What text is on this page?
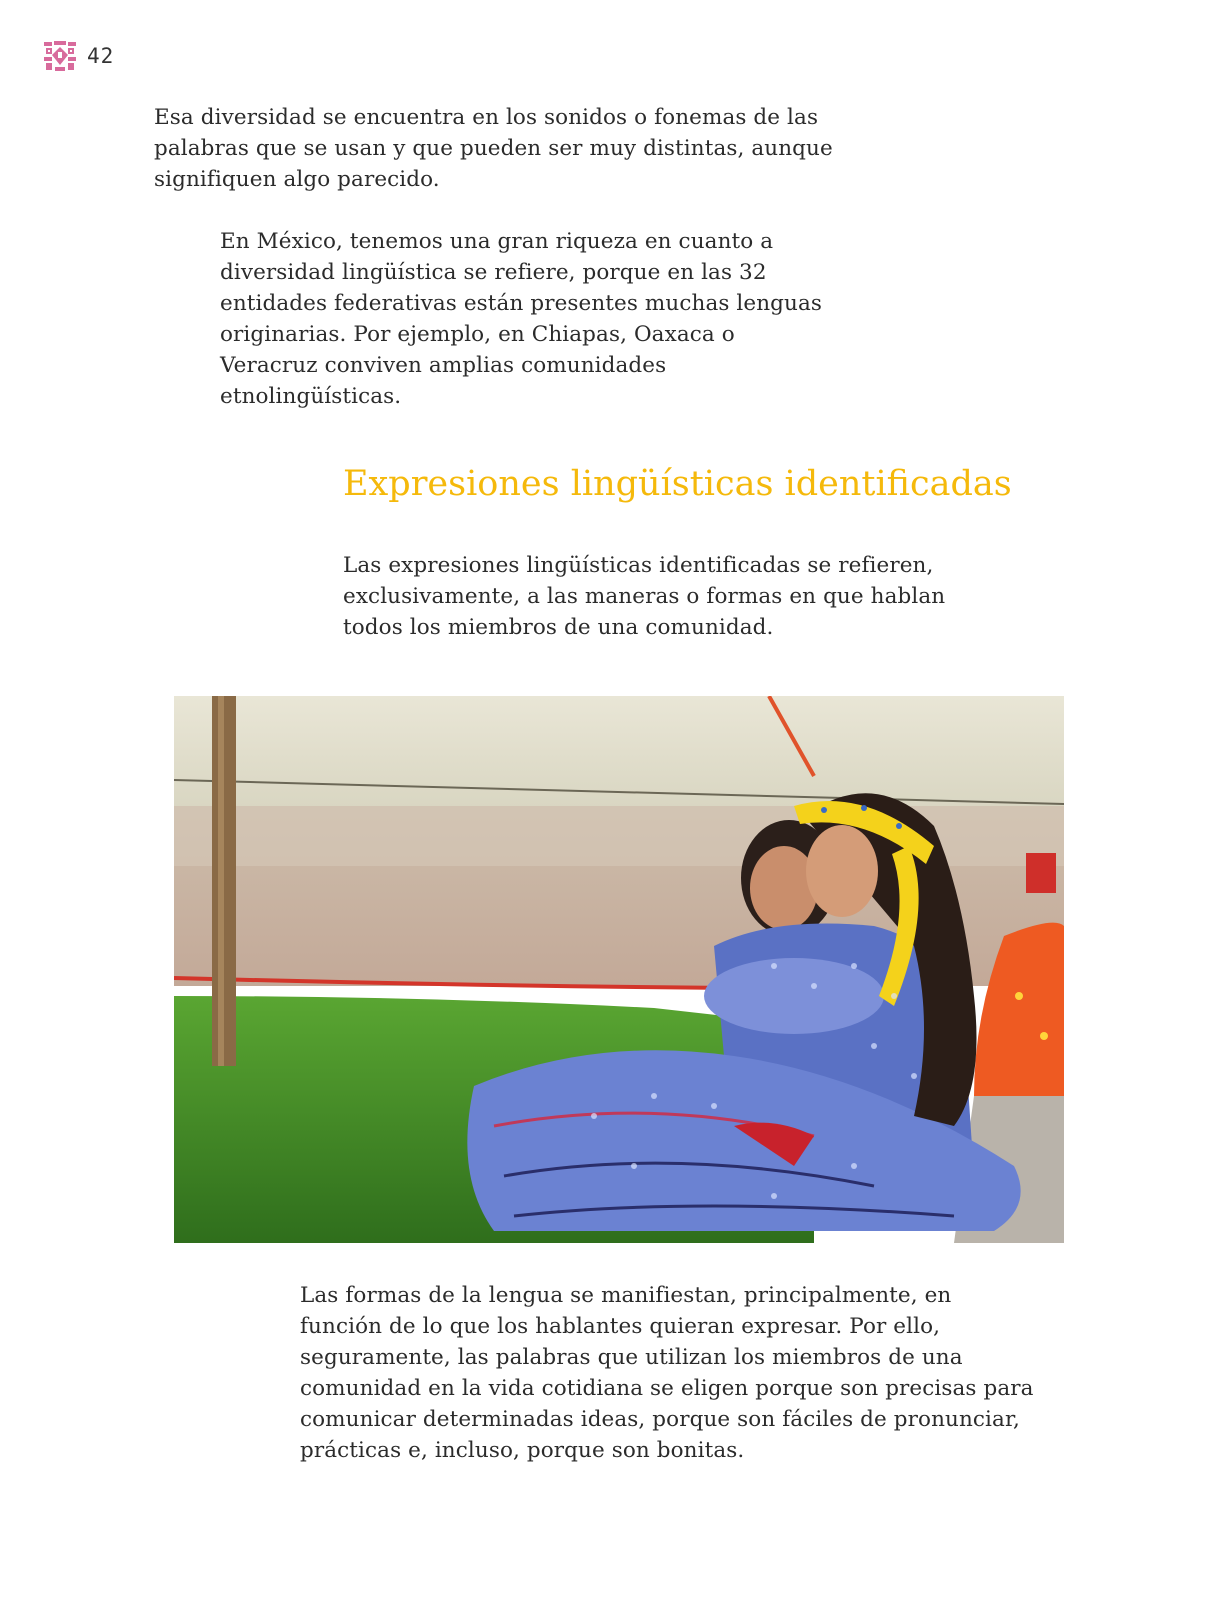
42

Esa diversidad se encuentra en los sonidos o fonemas de las palabras que se usan y que pueden ser muy distintas, aunque signifiquen algo parecido.

En México, tenemos una gran riqueza en cuanto a diversidad lingüística se refiere, porque en las 32 entidades federativas están presentes muchas lenguas originarias. Por ejemplo, en Chiapas, Oaxaca o Veracruz conviven amplias comunidades etnolingüísticas.

Expresiones lingüísticas identificadas

Las expresiones lingüísticas identificadas se refieren, exclusivamente, a las maneras o formas en que hablan todos los miembros de una comunidad.

Las formas de la lengua se manifiestan, principalmente, en función de lo que los hablantes quieran expresar. Por ello, seguramente, las palabras que utilizan los miembros de una comunidad en la vida cotidiana se eligen porque son precisas para comunicar determinadas ideas, porque son fáciles de pronunciar, prácticas e, incluso, porque son bonitas.
